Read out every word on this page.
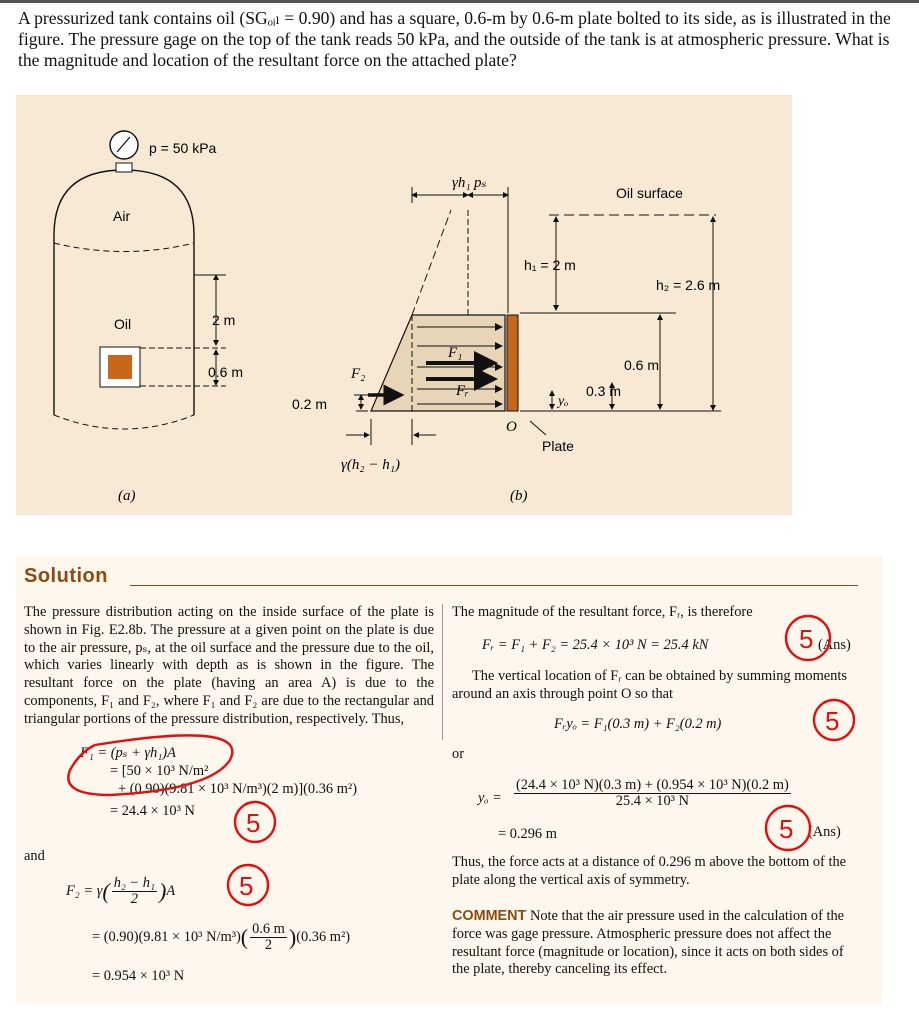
A pressurized tank contains oil (SGₒᵢₗ = 0.90) and has a square, 0.6-m by 0.6-m plate bolted to its side, as is illustrated in the figure. The pressure gage on the top of the tank reads 50 kPa, and the outside of the tank is at atmospheric pressure. What is the magnitude and location of the resultant force on the attached plate?
p = 50 kPa
Air
Oil	2 m
0.6 m
(a)
γh₁ pₛ
Oil surface
h₁ = 2 m
h₂ = 2.6 m
F₁
F₂
Fᵣ
0.6 m
0.3 m
0.2 m	yₒ
O
Plate
γ(h₂ − h₁)
(b)
Solution
The pressure distribution acting on the inside surface of the plate is shown in Fig. E2.8b. The pressure at a given point on the plate is due to the air pressure, pₛ, at the oil surface and the pressure due to the oil, which varies linearly with depth as is shown in the figure. The resultant force on the plate (having an area A) is due to the components, F₁ and F₂, where F₁ and F₂ are due to the rectangular and triangular portions of the pressure distribution, respectively. Thus,
F₁ = (pₛ + γh₁)A
= [50 × 10³ N/m²
+ (0.90)(9.81 × 10³ N/m³)(2 m)](0.36 m²)
= 24.4 × 10³ N
and
$F_2 = \gamma( \frac{\text{h₂ − h₁}}{2} )A$
= (0.90)(9.81 × 10³ $N/m^3)( \frac{0.6 m}{2} )(0.36$ m²)
= 0.954 × 10³ N
The magnitude of the resultant force, Fᵣ, is therefore
Fᵣ = F₁ + F₂ = 25.4 × 10³ N = 25.4 kN	(Ans)
The vertical location of Fᵣ can be obtained by summing moments around an axis through point O so that
Fᵣyₒ = F₁(0.3 m) + F₂(0.2 m)
or
$y_o = \frac{\text{(24.4 × 10³ N)(0.3 m) + (0.954 × 10³ N)(0.2 m)}}{\text{25.4 × 10³ N}}$
= 0.296 m	(Ans)
Thus, the force acts at a distance of 0.296 m above the bottom of the plate along the vertical axis of symmetry.
COMMENT Note that the air pressure used in the calculation of the force was gage pressure. Atmospheric pressure does not affect the resultant force (magnitude or location), since it acts on both sides of the plate, thereby canceling its effect.
5
5
5
5
5
